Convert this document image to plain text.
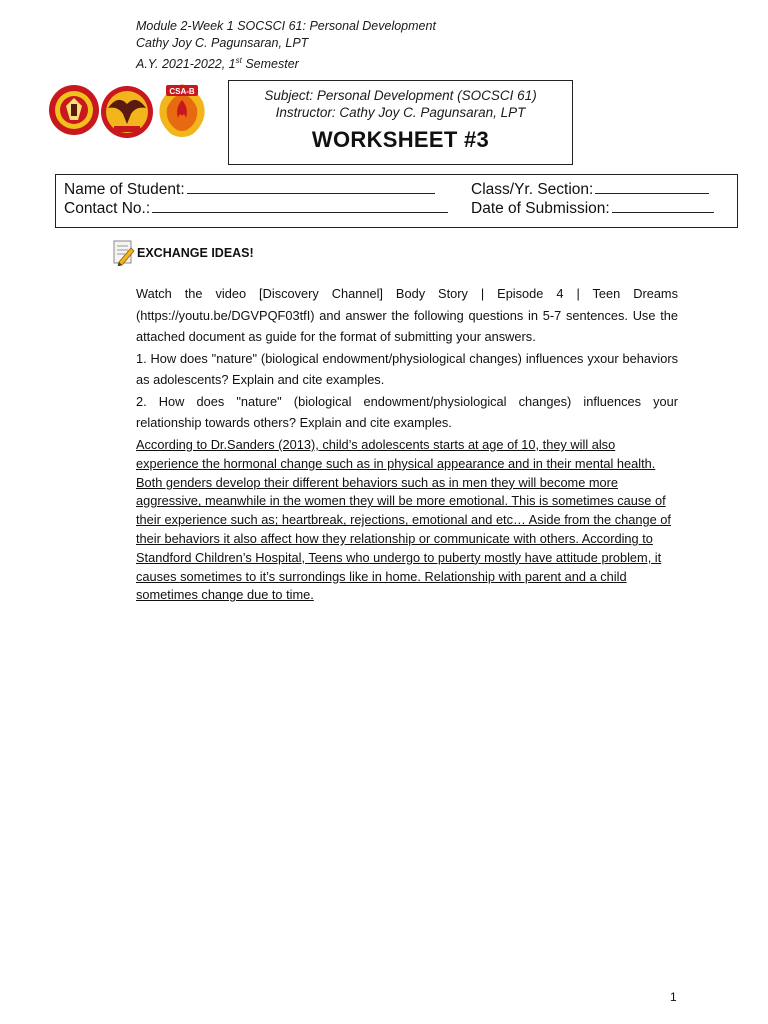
Module 2-Week 1 SOCSCI 61: Personal Development
Cathy Joy C. Pagunsaran, LPT
A.Y. 2021-2022, 1st Semester
CSA-B	Subject: Personal Development (SOCSCI 61)
Instructor: Cathy Joy C. Pagunsaran, LPT
WORKSHEET #3
Name of Student:
Contact No.:
Class/Yr. Section:
Date of Submission:
EXCHANGE IDEAS!

Watch the video [Discovery Channel] Body Story | Episode 4 | Teen Dreams (https://youtu.be/DGVPQF03tfI) and answer the following questions in 5-7 sentences. Use the attached document as guide for the format of submitting your answers.

1. How does "nature" (biological endowment/physiological changes) influences yxour behaviors as adolescents? Explain and cite examples.

2. How does "nature" (biological endowment/physiological changes) influences your relationship towards others? Explain and cite examples.

According to Dr.Sanders (2013), child’s adolescents starts at age of 10, they will also experience the hormonal change such as in physical appearance and in their mental health. Both genders develop their different behaviors such as in men they will become more aggressive, meanwhile in the women they will be more emotional. This is sometimes cause of their experience such as; heartbreak, rejections, emotional and etc… Aside from the change of their behaviors it also affect how they relationship or communicate with others. According to Standford Children’s Hospital, Teens who undergo to puberty mostly have attitude problem, it causes sometimes to it’s surrondings like in home. Relationship with parent and a child sometimes change due to time.
1
